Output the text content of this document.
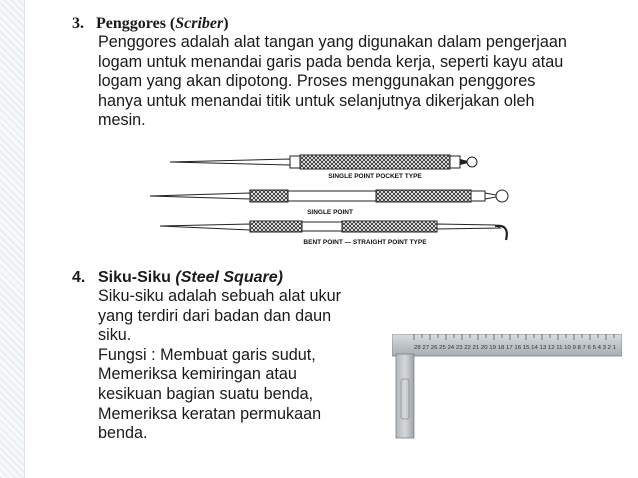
3. Penggores (Scriber)

Penggores adalah alat tangan yang digunakan dalam pengerjaan logam untuk menandai garis pada benda kerja, seperti kayu atau logam yang akan dipotong. Proses menggunakan penggores hanya untuk menandai titik untuk selanjutnya dikerjakan oleh mesin.

SINGLE POINT POCKET TYPE
SINGLE POINT
BENT POINT — STRAIGHT POINT TYPE
4. Siku-Siku (Steel Square)

Siku-siku adalah sebuah alat ukur

yang terdiri dari badan dan daun

siku.

Fungsi : Membuat garis sudut,

Memeriksa kemiringan atau

kesikuan bagian suatu benda,

Memeriksa keratan permukaan

benda.

28 27 26 25 24 23 22 21 20 19 18 17 16 15 14 13 12 11 10 9 8 7 6 5 4 3 2 1
